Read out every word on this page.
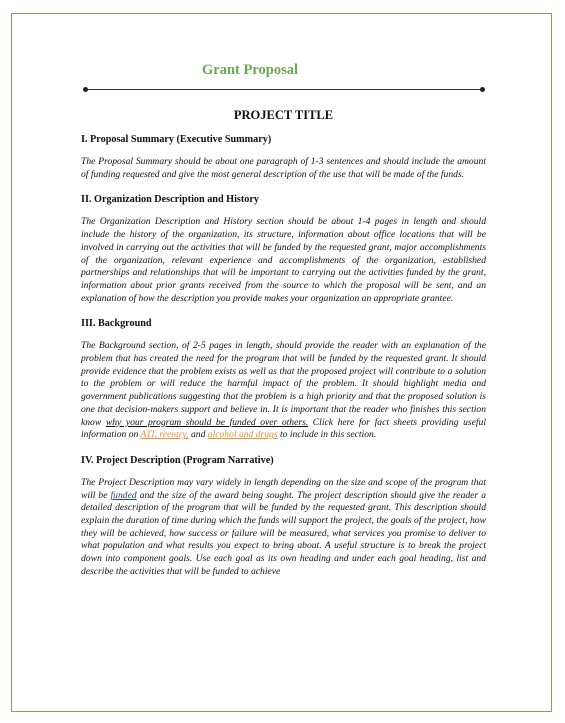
Grant Proposal
PROJECT TITLE
I. Proposal Summary (Executive Summary)

The Proposal Summary should be about one paragraph of 1-3 sentences and should include the amount of funding requested and give the most general description of the use that will be made of the funds.

II. Organization Description and History

The Organization Description and History section should be about 1-4 pages in length and should include the history of the organization, its structure, information about office locations that will be involved in carrying out the activities that will be funded by the requested grant, major accomplishments of the organization, relevant experience and accomplishments of the organization, established partnerships and relationships that will be important to carrying out the activities funded by the grant, information about prior grants received from the source to which the proposal will be sent, and an explanation of how the description you provide makes your organization an appropriate grantee.

III. Background

The Background section, of 2-5 pages in length, should provide the reader with an explanation of the problem that has created the need for the program that will be funded by the requested grant. It should provide evidence that the problem exists as well as that the proposed project will contribute to a solution to the problem or will reduce the harmful impact of the problem. It should highlight media and government publications suggesting that the problem is a high priority and that the proposed solution is one that decision-makers support and believe in. It is important that the reader who finishes this section know why your program should be funded over others. Click here for fact sheets providing useful information on ATI, reentry, and alcohol and drugs to include in this section.

IV. Project Description (Program Narrative)

The Project Description may vary widely in length depending on the size and scope of the program that will be funded and the size of the award being sought. The project description should give the reader a detailed description of the program that will be funded by the requested grant. This description should explain the duration of time during which the funds will support the project, the goals of the project, how they will be achieved, how success or failure will be measured, what services you promise to deliver to what population and what results you expect to bring about. A useful structure is to break the project down into component goals. Use each goal as its own heading and under each goal heading, list and describe the activities that will be funded to achieve
